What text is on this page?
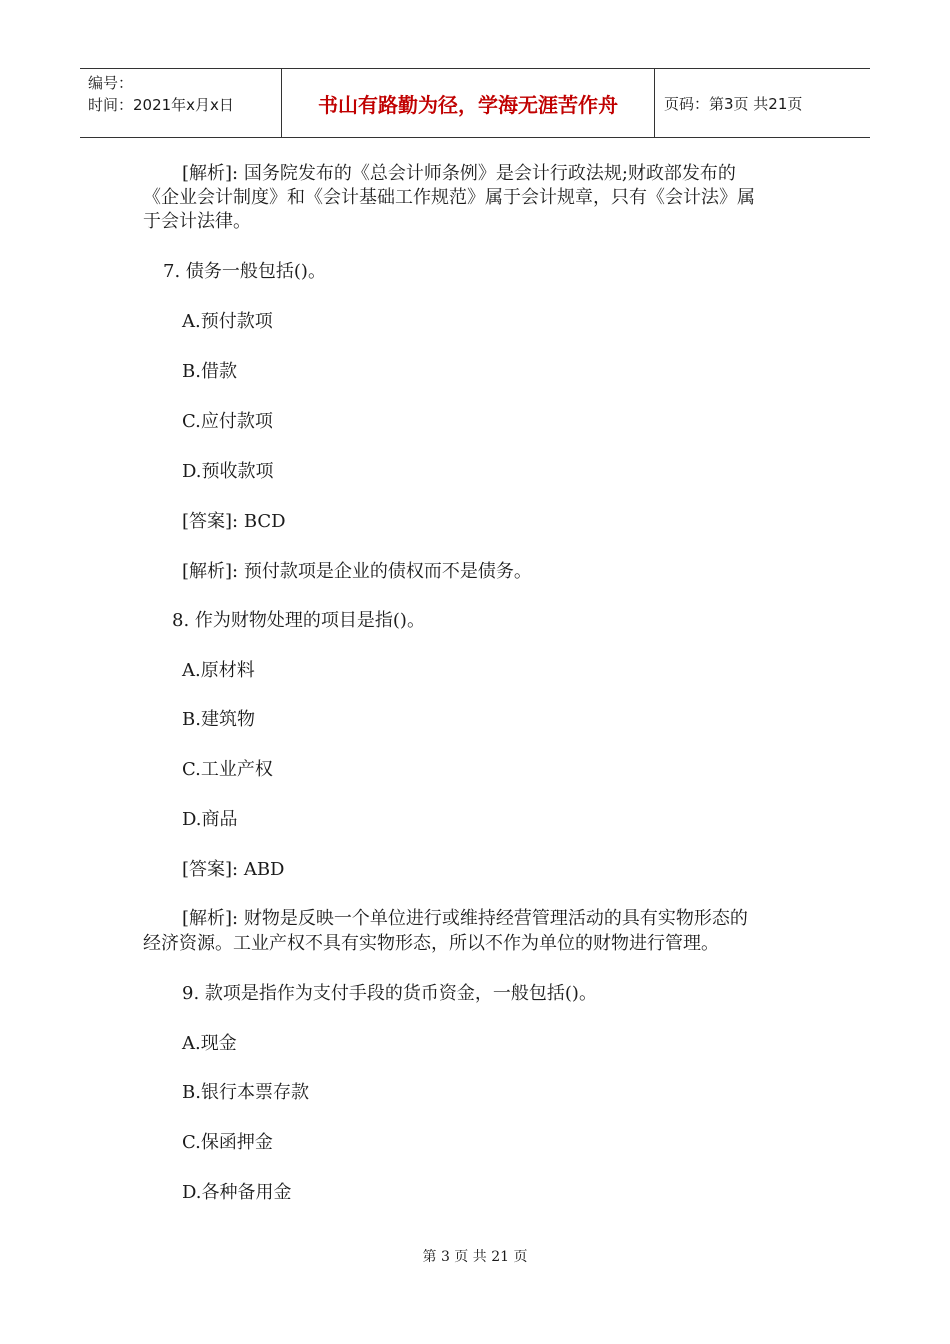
编号：
时间：2021年x月x日	书山有路勤为径，学海无涯苦作舟	页码：第3页 共21页
[解析]: 国务院发布的《总会计师条例》是会计行政法规;财政部发布的
《企业会计制度》和《会计基础工作规范》属于会计规章，只有《会计法》属
于会计法律。
7. 债务一般包括()。
A.预付款项
B.借款
C.应付款项
D.预收款项
[答案]: BCD
[解析]: 预付款项是企业的债权而不是债务。
8. 作为财物处理的项目是指()。
A.原材料
B.建筑物
C.工业产权
D.商品
[答案]: ABD
[解析]: 财物是反映一个单位进行或维持经营管理活动的具有实物形态的
经济资源。工业产权不具有实物形态，所以不作为单位的财物进行管理。
9. 款项是指作为支付手段的货币资金，一般包括()。
A.现金
B.银行本票存款
C.保函押金
D.各种备用金
第 3 页 共 21 页
